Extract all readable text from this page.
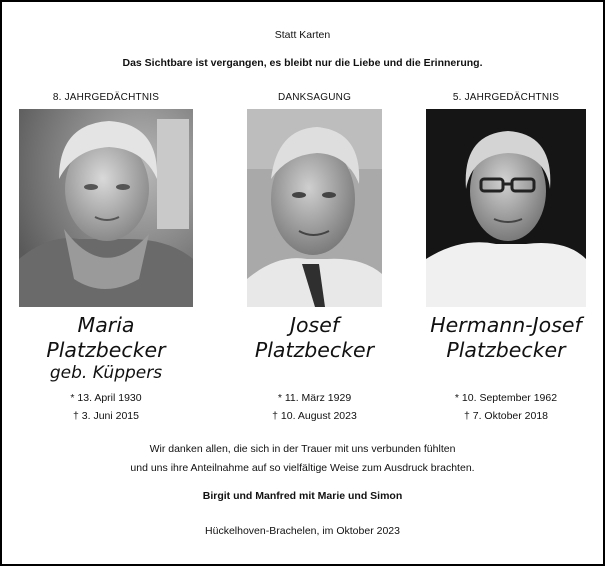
Statt Karten
Das Sichtbare ist vergangen, es bleibt nur die Liebe und die Erinnerung.
8. JAHRGEDÄCHTNIS
Maria
Platzbecker
geb. Küppers
* 13. April 1930
† 3. Juni 2015
DANKSAGUNG
Josef
Platzbecker
* 11. März 1929
† 10. August 2023
5. JAHRGEDÄCHTNIS
Hermann-Josef
Platzbecker
* 10. September 1962
† 7. Oktober 2018
Wir danken allen, die sich in der Trauer mit uns verbunden fühlten
und uns ihre Anteilnahme auf so vielfältige Weise zum Ausdruck brachten.
Birgit und Manfred mit Marie und Simon
Hückelhoven-Brachelen, im Oktober 2023
